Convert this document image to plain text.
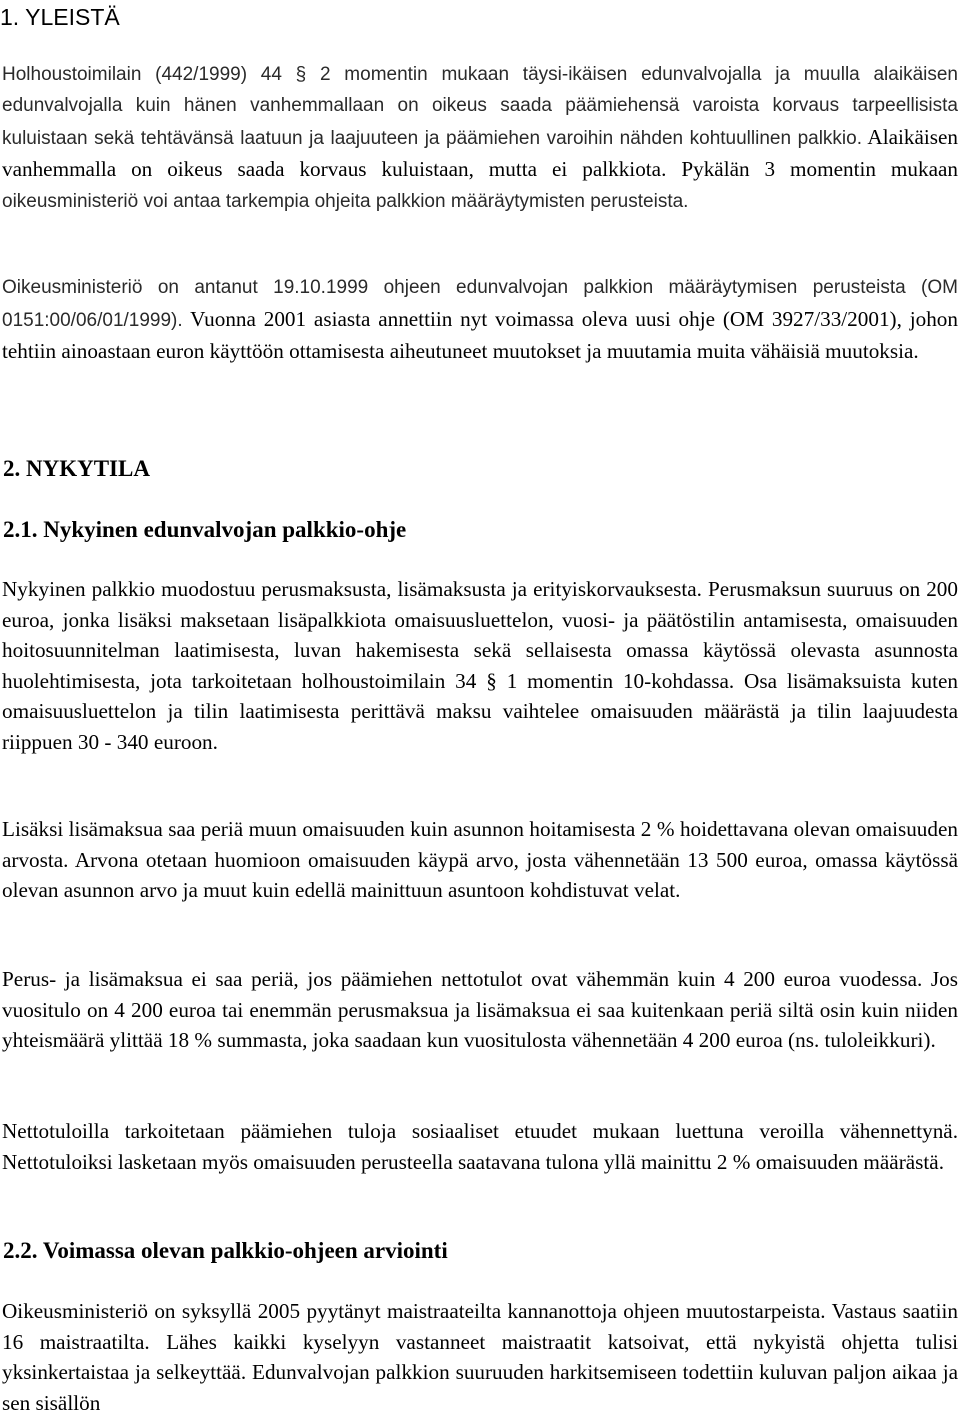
1. YLEISTÄ

Holhoustoimilain (442/1999) 44 § 2 momentin mukaan täysi-ikäisen edunvalvojalla ja muulla alaikäisen edunvalvojalla kuin hänen vanhemmallaan on oikeus saada päämiehensä varoista korvaus tarpeellisista kuluistaan sekä tehtävänsä laatuun ja laajuuteen ja päämiehen varoihin nähden kohtuullinen palkkio. Alaikäisen vanhemmalla on oikeus saada korvaus kuluistaan, mutta ei palkkiota. Pykälän 3 momentin mukaan oikeusministeriö voi antaa tarkempia ohjeita palkkion määräytymisten perusteista.

Oikeusministeriö on antanut 19.10.1999 ohjeen edunvalvojan palkkion määräytymisen perusteista (OM 0151:00/06/01/1999). Vuonna 2001 asiasta annettiin nyt voimassa oleva uusi ohje (OM 3927/33/2001), johon tehtiin ainoastaan euron käyttöön ottamisesta aiheutuneet muutokset ja muutamia muita vähäisiä muutoksia.

2. NYKYTILA
2.1. Nykyinen edunvalvojan palkkio-ohje

Nykyinen palkkio muodostuu perusmaksusta, lisämaksusta ja erityiskorvauksesta. Perusmaksun suuruus on 200 euroa, jonka lisäksi maksetaan lisäpalkkiota omaisuusluettelon, vuosi- ja päätöstilin antamisesta, omaisuuden hoitosuunnitelman laatimisesta, luvan hakemisesta sekä sellaisesta omassa käytössä olevasta asunnosta huolehtimisesta, jota tarkoitetaan holhoustoimilain 34 § 1 momentin 10-kohdassa. Osa lisämaksuista kuten omaisuusluettelon ja tilin laatimisesta perittävä maksu vaihtelee omaisuuden määrästä ja tilin laajuudesta riippuen 30 - 340 euroon.

Lisäksi lisämaksua saa periä muun omaisuuden kuin asunnon hoitamisesta 2 % hoidettavana olevan omaisuuden arvosta. Arvona otetaan huomioon omaisuuden käypä arvo, josta vähennetään 13 500 euroa, omassa käytössä olevan asunnon arvo ja muut kuin edellä mainittuun asuntoon kohdistuvat velat.

Perus- ja lisämaksua ei saa periä, jos päämiehen nettotulot ovat vähemmän kuin 4 200 euroa vuodessa. Jos vuositulo on 4 200 euroa tai enemmän perusmaksua ja lisämaksua ei saa kuitenkaan periä siltä osin kuin niiden yhteismäärä ylittää 18 % summasta, joka saadaan kun vuositulosta vähennetään 4 200 euroa (ns. tuloleikkuri).

Nettotuloilla tarkoitetaan päämiehen tuloja sosiaaliset etuudet mukaan luettuna veroilla vähennettynä. Nettotuloiksi lasketaan myös omaisuuden perusteella saatavana tulona yllä mainittu 2 % omaisuuden määrästä.

2.2. Voimassa olevan palkkio-ohjeen arviointi

Oikeusministeriö on syksyllä 2005 pyytänyt maistraateilta kannanottoja ohjeen muutostarpeista. Vastaus saatiin 16 maistraatilta. Lähes kaikki kyselyyn vastanneet maistraatit katsoivat, että nykyistä ohjetta tulisi yksinkertaistaa ja selkeyttää. Edunvalvojan palkkion suuruuden harkitsemiseen todettiin kuluvan paljon aikaa ja sen sisällön
